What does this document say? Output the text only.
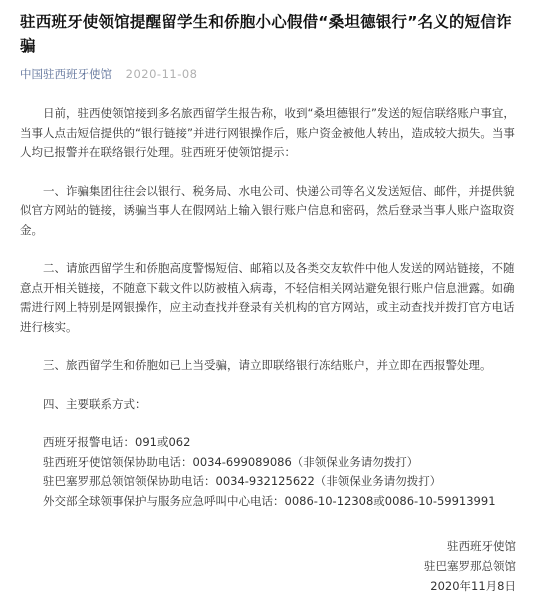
驻西班牙使领馆提醒留学生和侨胞小心假借“桑坦德银行”名义的短信诈骗
中国驻西班牙使馆 2020-11-08

日前，驻西使领馆接到多名旅西留学生报告称，收到“桑坦德银行”发送的短信联络账户事宜，当事人点击短信提供的“银行链接”并进行网银操作后，账户资金被他人转出，造成较大损失。当事人均已报警并在联络银行处理。驻西班牙使领馆提示：

一、诈骗集团往往会以银行、税务局、水电公司、快递公司等名义发送短信、邮件，并提供貌似官方网站的链接，诱骗当事人在假网站上输入银行账户信息和密码，然后登录当事人账户盗取资金。

二、请旅西留学生和侨胞高度警惕短信、邮箱以及各类交友软件中他人发送的网站链接，不随意点开相关链接，不随意下载文件以防被植入病毒，不轻信相关网站避免银行账户信息泄露。如确需进行网上特别是网银操作，应主动查找并登录有关机构的官方网站，或主动查找并拨打官方电话进行核实。

三、旅西留学生和侨胞如已上当受骗，请立即联络银行冻结账户，并立即在西报警处理。

四、主要联系方式：

西班牙报警电话：091或062
驻西班牙使馆领保协助电话：0034-699089086（非领保业务请勿拨打）
驻巴塞罗那总领馆领保协助电话：0034-932125622（非领保业务请勿拨打）
外交部全球领事保护与服务应急呼叫中心电话：0086-10-12308或0086-10-59913991
驻西班牙使馆
驻巴塞罗那总领馆
2020年11月8日
